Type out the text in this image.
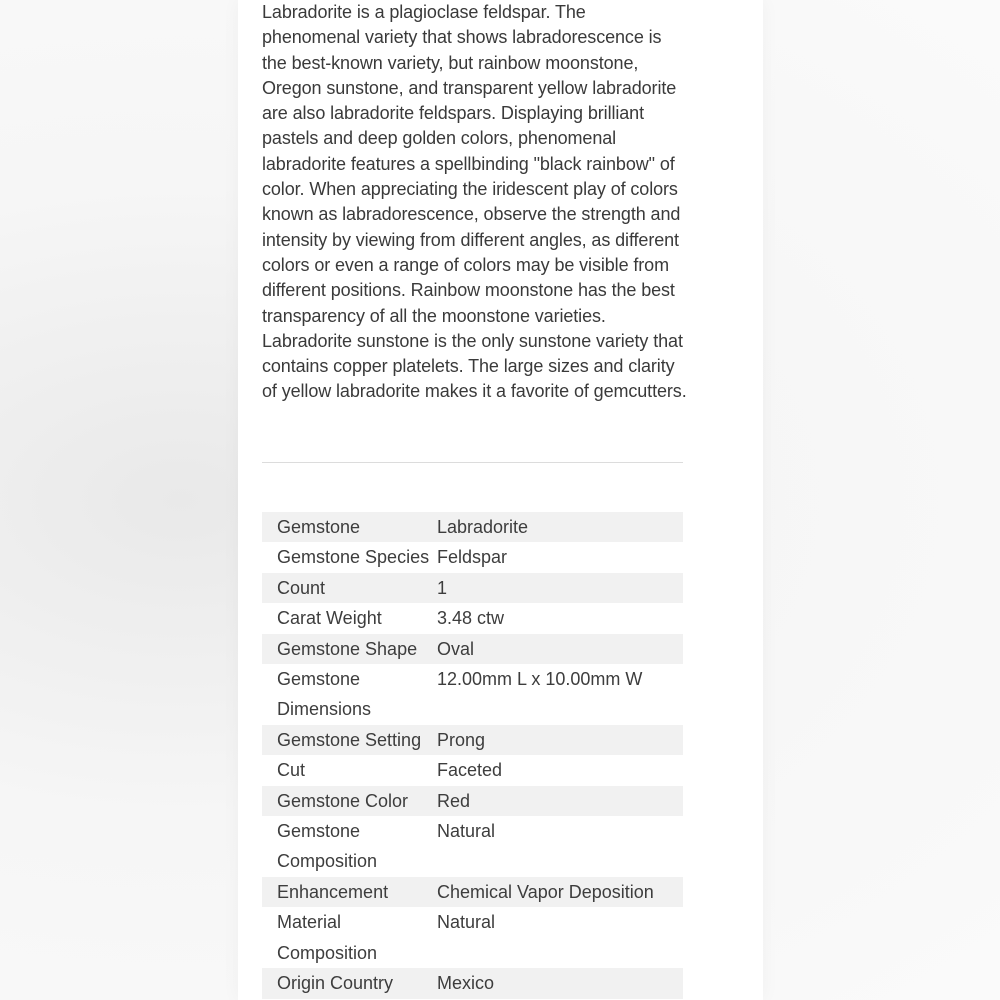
Labradorite is a plagioclase feldspar. The phenomenal variety that shows labradorescence is the best-known variety, but rainbow moonstone, Oregon sunstone, and transparent yellow labradorite are also labradorite feldspars. Displaying brilliant pastels and deep golden colors, phenomenal labradorite features a spellbinding "black rainbow" of color. When appreciating the iridescent play of colors known as labradorescence, observe the strength and intensity by viewing from different angles, as different colors or even a range of colors may be visible from different positions. Rainbow moonstone has the best transparency of all the moonstone varieties. Labradorite sunstone is the only sunstone variety that contains copper platelets. The large sizes and clarity of yellow labradorite makes it a favorite of gemcutters.

Gemstone	Labradorite
Gemstone Species	Feldspar
Count	1
Carat Weight	3.48 ctw
Gemstone Shape	Oval
Gemstone Dimensions	12.00mm L x 10.00mm W
Gemstone Setting	Prong
Cut	Faceted
Gemstone Color	Red
Gemstone Composition	Natural
Enhancement	Chemical Vapor Deposition
Material Composition	Natural
Origin Country	Mexico
